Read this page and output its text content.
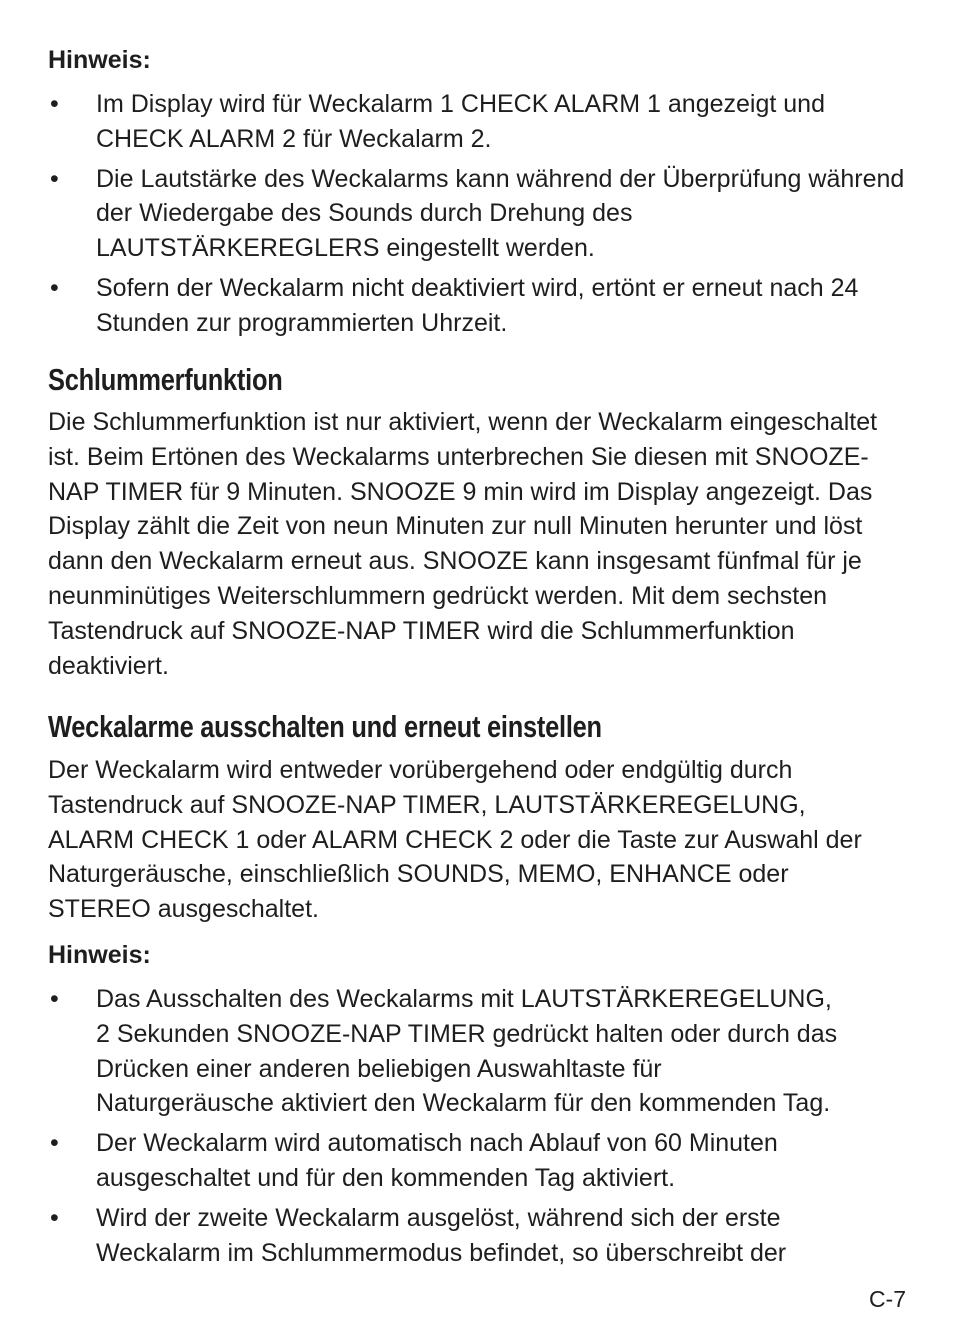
Hinweis:

• Im Display wird für Weckalarm 1 CHECK ALARM 1 angezeigt und CHECK ALARM 2 für Weckalarm 2.
• Die Lautstärke des Weckalarms kann während der Überprüfung während der Wiedergabe des Sounds durch Drehung des LAUTSTÄRKEREGLERS eingestellt werden.
• Sofern der Weckalarm nicht deaktiviert wird, ertönt er erneut nach 24 Stunden zur programmierten Uhrzeit.
Schlummerfunktion

Die Schlummerfunktion ist nur aktiviert, wenn der Weckalarm eingeschaltet ist. Beim Ertönen des Weckalarms unterbrechen Sie diesen mit SNOOZE-NAP TIMER für 9 Minuten. SNOOZE 9 min wird im Display angezeigt. Das Display zählt die Zeit von neun Minuten zur null Minuten herunter und löst dann den Weckalarm erneut aus. SNOOZE kann insgesamt fünfmal für je neunminütiges Weiterschlummern gedrückt werden. Mit dem sechsten Tastendruck auf SNOOZE-NAP TIMER wird die Schlummerfunktion deaktiviert.

Weckalarme ausschalten und erneut einstellen

Der Weckalarm wird entweder vorübergehend oder endgültig durch Tastendruck auf SNOOZE-NAP TIMER, LAUTSTÄRKEREGELUNG, ALARM CHECK 1 oder ALARM CHECK 2 oder die Taste zur Auswahl der Naturgeräusche, einschließlich SOUNDS, MEMO, ENHANCE oder STEREO ausgeschaltet.

Hinweis:

• Das Ausschalten des Weckalarms mit LAUTSTÄRKEREGELUNG, 2 Sekunden SNOOZE-NAP TIMER gedrückt halten oder durch das Drücken einer anderen beliebigen Auswahltaste für Naturgeräusche aktiviert den Weckalarm für den kommenden Tag.
• Der Weckalarm wird automatisch nach Ablauf von 60 Minuten ausgeschaltet und für den kommenden Tag aktiviert.
• Wird der zweite Weckalarm ausgelöst, während sich der erste Weckalarm im Schlummermodus befindet, so überschreibt der
C-7
